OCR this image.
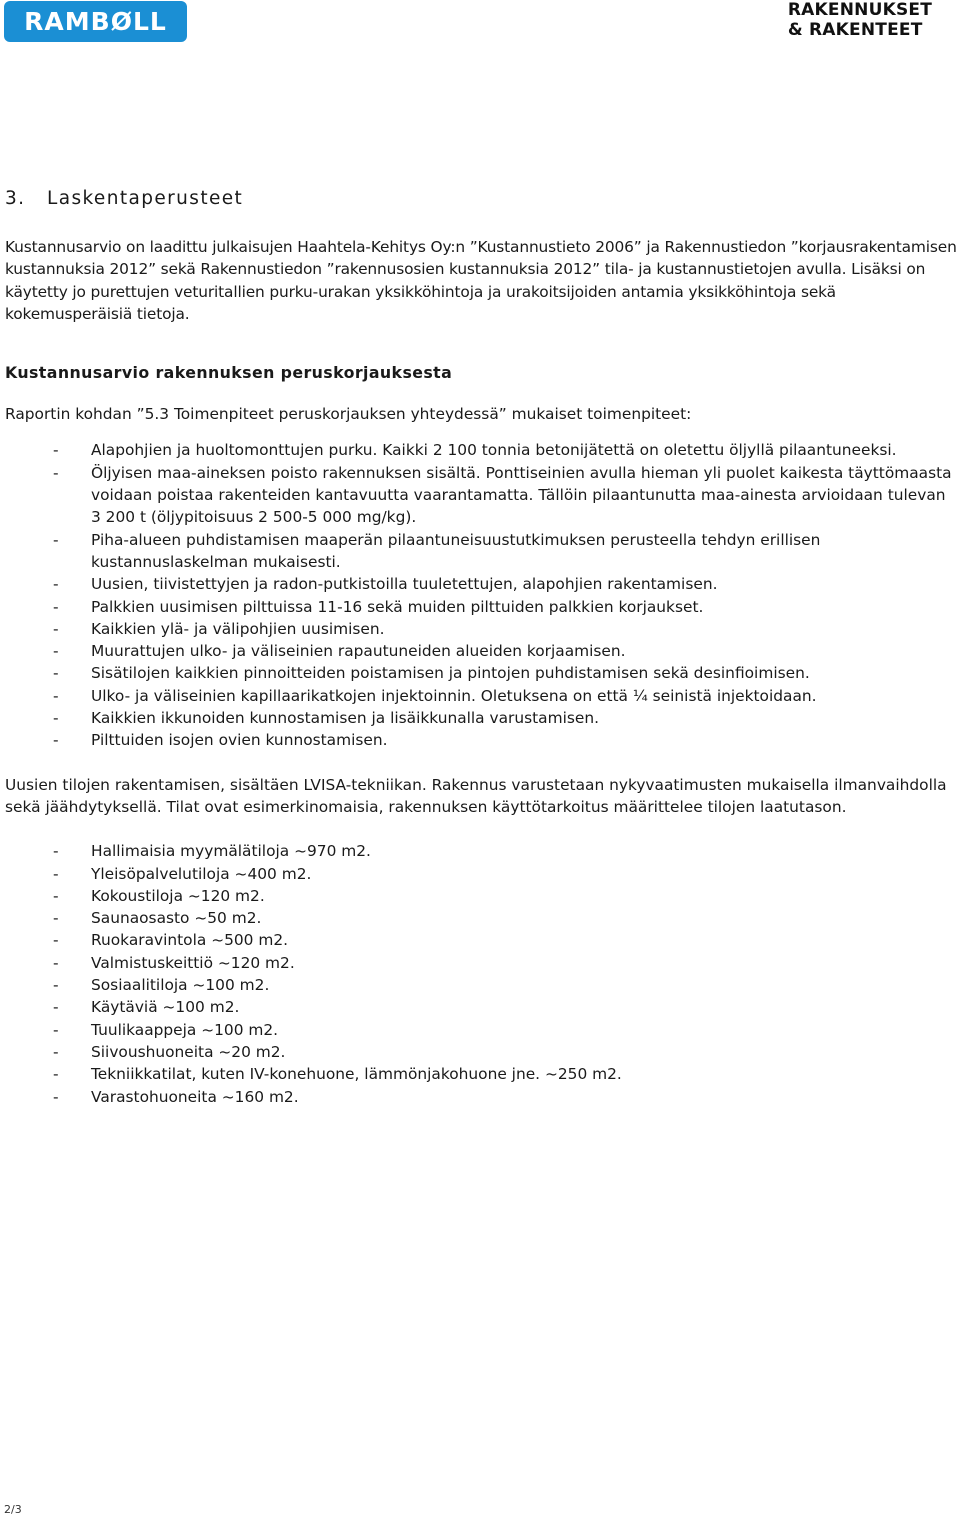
RAMBØLL	RAKENNUKSET
& RAKENTEET
3. Laskentaperusteet

Kustannusarvio on laadittu julkaisujen Haahtela-Kehitys Oy:n ”Kustannustieto 2006” ja Rakennustiedon ”korjausrakentamisen kustannuksia 2012” sekä Rakennustiedon ”rakennusosien kustannuksia 2012” tila- ja kustannustietojen avulla. Lisäksi on käytetty jo purettujen veturitallien purku-urakan yksikköhintoja ja urakoitsijoiden antamia yksikköhintoja sekä kokemusperäisiä tietoja.

Kustannusarvio rakennuksen peruskorjauksesta

Raportin kohdan ”5.3 Toimenpiteet peruskorjauksen yhteydessä” mukaiset toimenpiteet:

- Alapohjien ja huoltomonttujen purku. Kaikki 2 100 tonnia betonijätettä on oletettu öljyllä pilaantuneeksi.
- Öljyisen maa-aineksen poisto rakennuksen sisältä. Ponttiseinien avulla hieman yli puolet kaikesta täyttömaasta voidaan poistaa rakenteiden kantavuutta vaarantamatta. Tällöin pilaantunutta maa-ainesta arvioidaan tulevan 3 200 t (öljypitoisuus 2 500-5 000 mg/kg).
- Piha-alueen puhdistamisen maaperän pilaantuneisuustutkimuksen perusteella tehdyn erillisen kustannuslaskelman mukaisesti.
- Uusien, tiivistettyjen ja radon-putkistoilla tuuletettujen, alapohjien rakentamisen.
- Palkkien uusimisen pilttuissa 11-16 sekä muiden pilttuiden palkkien korjaukset.
- Kaikkien ylä- ja välipohjien uusimisen.
- Muurattujen ulko- ja väliseinien rapautuneiden alueiden korjaamisen.
- Sisätilojen kaikkien pinnoitteiden poistamisen ja pintojen puhdistamisen sekä desinfioimisen.
- Ulko- ja väliseinien kapillaarikatkojen injektoinnin. Oletuksena on että ¼ seinistä injektoidaan.
- Kaikkien ikkunoiden kunnostamisen ja lisäikkunalla varustamisen.
- Pilttuiden isojen ovien kunnostamisen.

Uusien tilojen rakentamisen, sisältäen LVISA-tekniikan. Rakennus varustetaan nykyvaatimusten mukaisella ilmanvaihdolla sekä jäähdytyksellä. Tilat ovat esimerkinomaisia, rakennuksen käyttötarkoitus määrittelee tilojen laatutason.

- Hallimaisia myymälätiloja ~970 m2.
- Yleisöpalvelutiloja ~400 m2.
- Kokoustiloja ~120 m2.
- Saunaosasto ~50 m2.
- Ruokaravintola ~500 m2.
- Valmistuskeittiö ~120 m2.
- Sosiaalitiloja ~100 m2.
- Käytäviä ~100 m2.
- Tuulikaappeja ~100 m2.
- Siivoushuoneita ~20 m2.
- Tekniikkatilat, kuten IV-konehuone, lämmönjakohuone jne. ~250 m2.
- Varastohuoneita ~160 m2.
2/3
